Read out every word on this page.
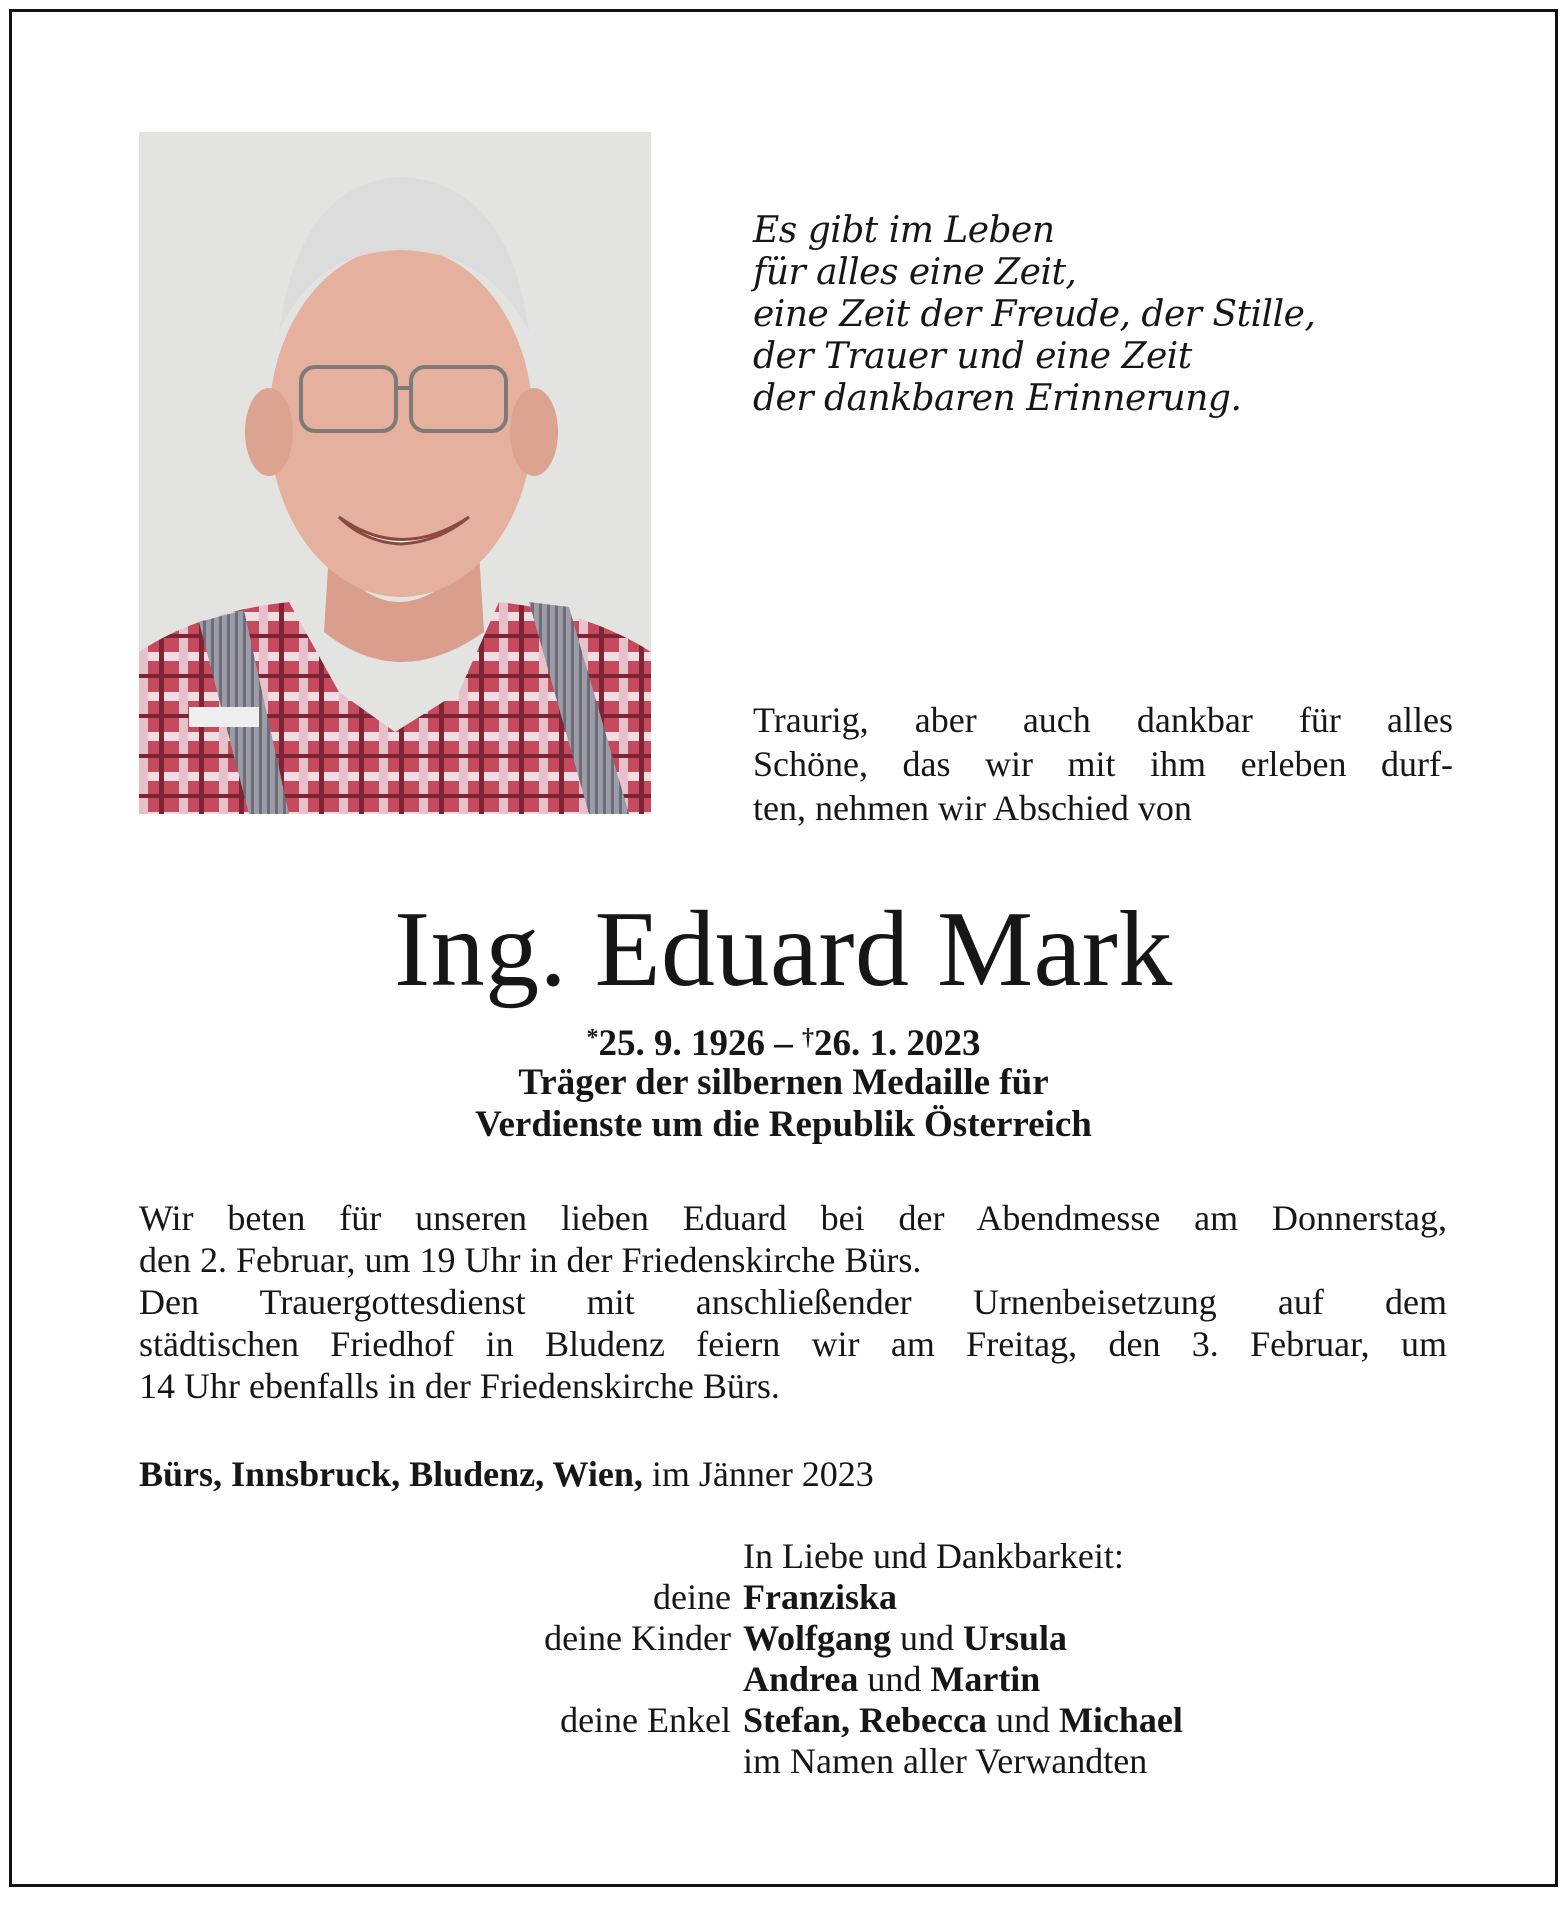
Es gibt im Leben
für alles eine Zeit,
eine Zeit der Freude, der Stille,
der Trauer und eine Zeit
der dankbaren Erinnerung.
Traurig, aber auch dankbar für alles
Schöne, das wir mit ihm erleben durf-
ten, nehmen wir Abschied von
Ing. Eduard Mark
*25. 9. 1926 – †26. 1. 2023
Träger der silbernen Medaille für
Verdienste um die Republik Österreich
Wir beten für unseren lieben Eduard bei der Abendmesse am Donnerstag,
den 2. Februar, um 19 Uhr in der Friedenskirche Bürs.
Den Trauergottesdienst mit anschließender Urnenbeisetzung auf dem
städtischen Friedhof in Bludenz feiern wir am Freitag, den 3. Februar, um
14 Uhr ebenfalls in der Friedenskirche Bürs.
Bürs, Innsbruck, Bludenz, Wien, im Jänner 2023
In Liebe und Dankbarkeit:
deine Franziska
deine Kinder Wolfgang und Ursula
Andrea und Martin
deine Enkel Stefan, Rebecca und Michael
im Namen aller Verwandten
